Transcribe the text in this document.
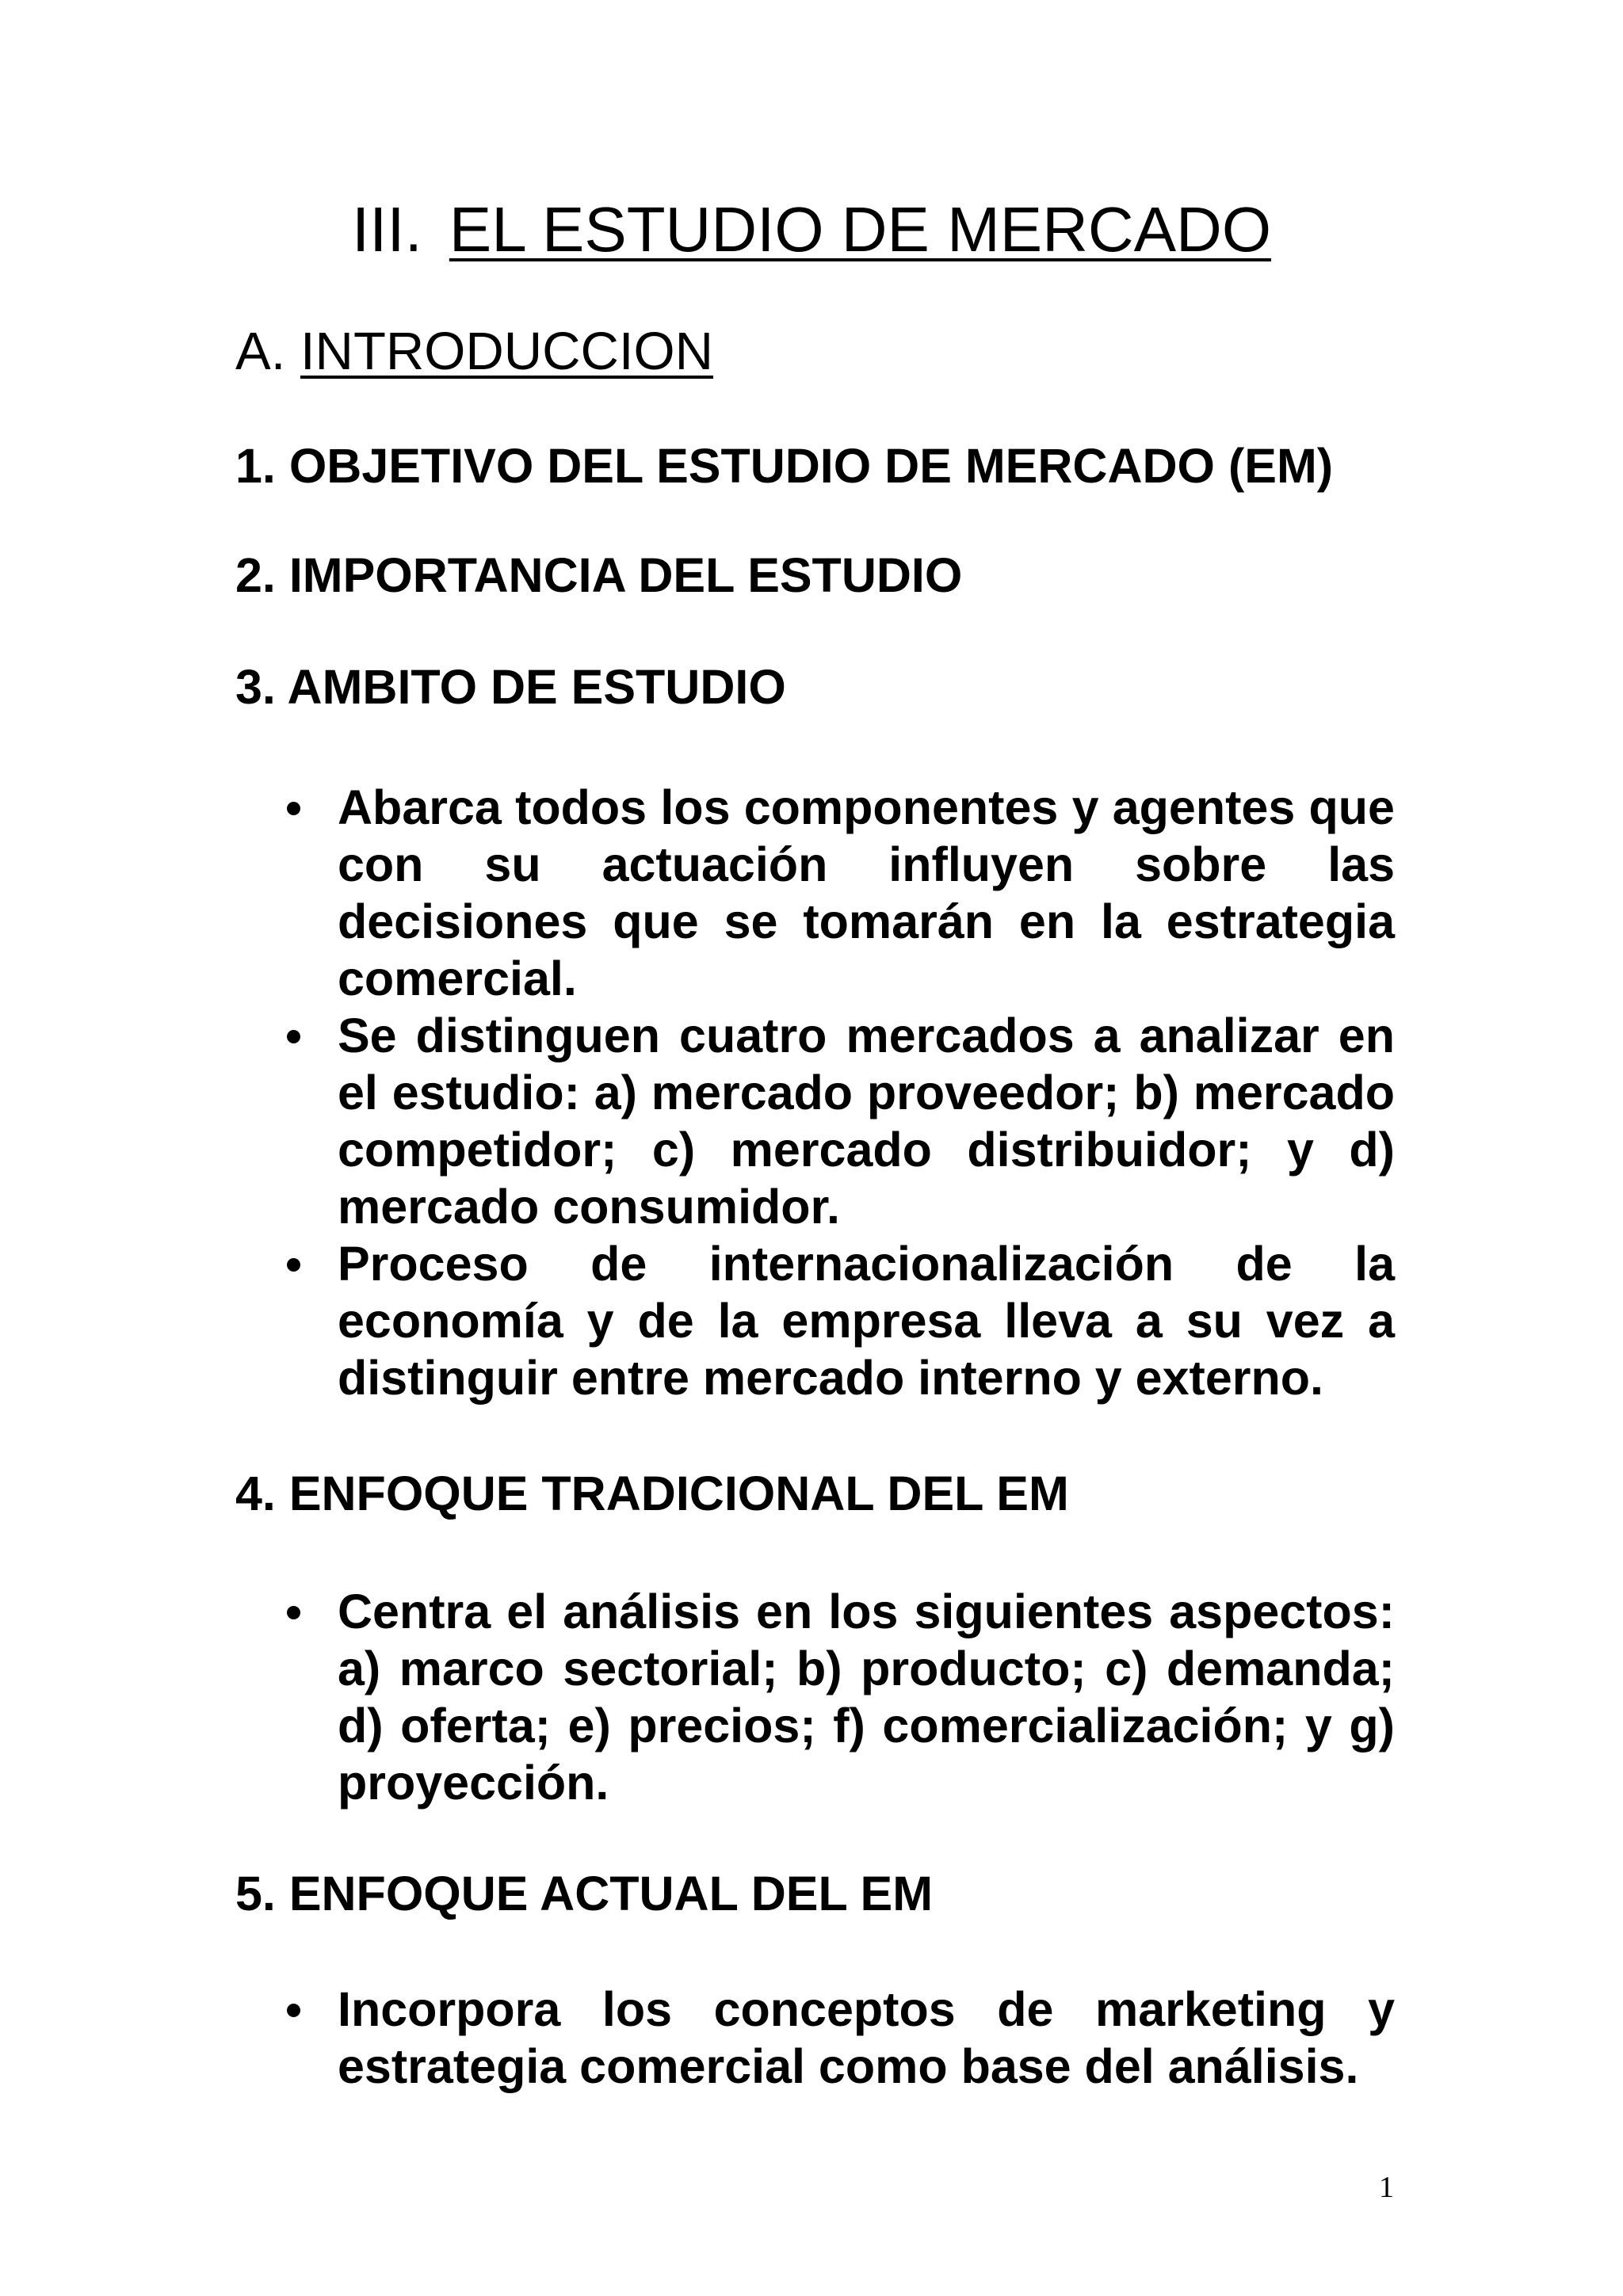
III. EL ESTUDIO DE MERCADO
A. INTRODUCCION
1. OBJETIVO DEL ESTUDIO DE MERCADO (EM)
2. IMPORTANCIA DEL ESTUDIO
3. AMBITO DE ESTUDIO
Abarca todos los componentes y agentes que con su actuación influyen sobre las decisiones que se tomarán en la estrategia comercial.
Se distinguen cuatro mercados a analizar en el estudio: a) mercado proveedor; b) mercado competidor; c) mercado distribuidor; y d) mercado consumidor.
Proceso de internacionalización de la economía y de la empresa lleva a su vez a distinguir entre mercado interno y externo.
4. ENFOQUE TRADICIONAL DEL EM
Centra el análisis en los siguientes aspectos: a) marco sectorial; b) producto; c) demanda; d) oferta; e) precios; f) comercialización; y g) proyección.
5. ENFOQUE ACTUAL DEL EM
Incorpora los conceptos de marketing y estrategia comercial como base del análisis.
1
